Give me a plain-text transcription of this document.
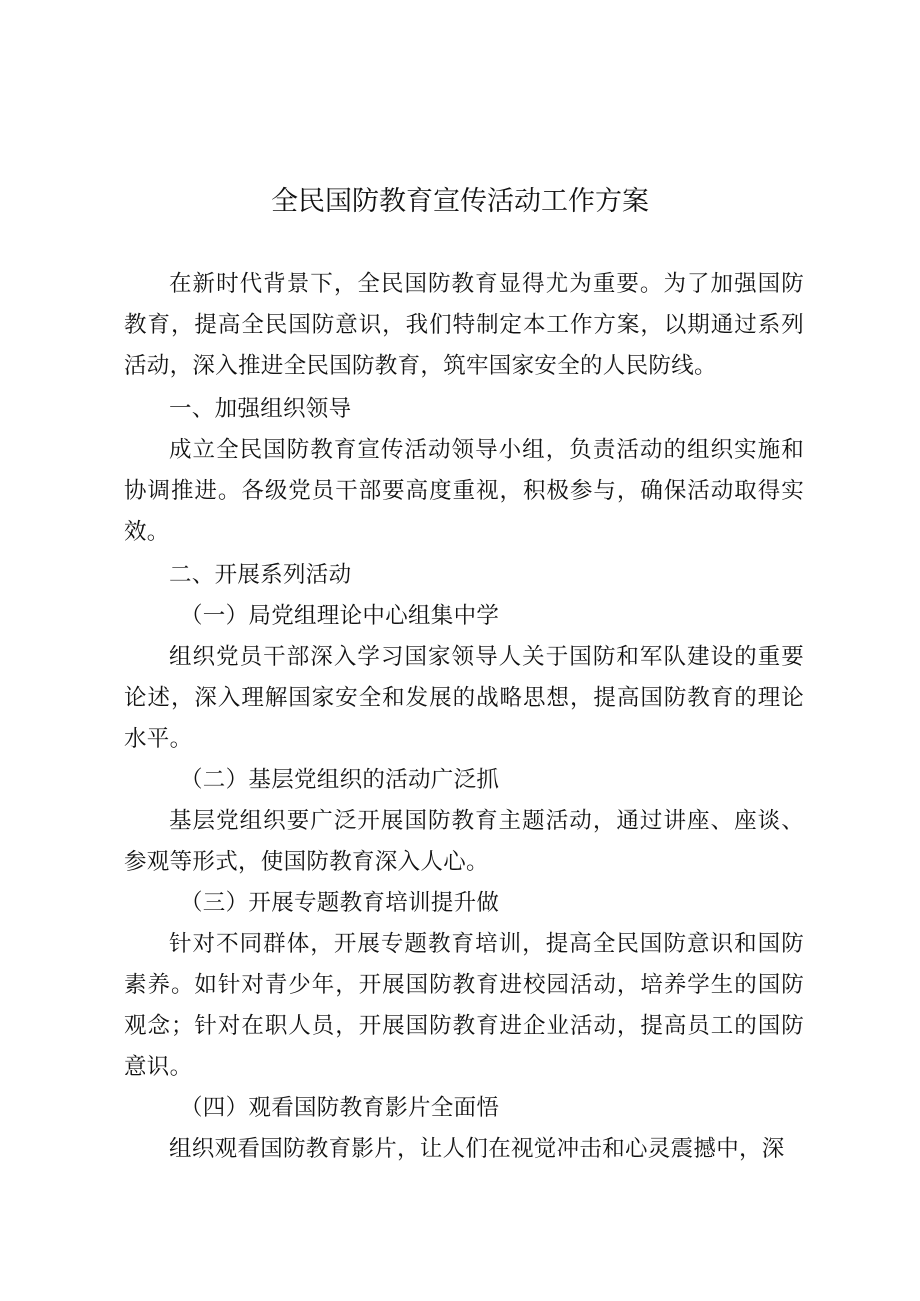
全民国防教育宣传活动工作方案

在新时代背景下，全民国防教育显得尤为重要。为了加强国防教育，提高全民国防意识，我们特制定本工作方案，以期通过系列活动，深入推进全民国防教育，筑牢国家安全的人民防线。

一、加强组织领导

成立全民国防教育宣传活动领导小组，负责活动的组织实施和协调推进。各级党员干部要高度重视，积极参与，确保活动取得实效。

二、开展系列活动

（一）局党组理论中心组集中学

组织党员干部深入学习国家领导人关于国防和军队建设的重要论述，深入理解国家安全和发展的战略思想，提高国防教育的理论水平。

（二）基层党组织的活动广泛抓

基层党组织要广泛开展国防教育主题活动，通过讲座、座谈、参观等形式，使国防教育深入人心。

（三）开展专题教育培训提升做

针对不同群体，开展专题教育培训，提高全民国防意识和国防素养。如针对青少年，开展国防教育进校园活动，培养学生的国防观念；针对在职人员，开展国防教育进企业活动，提高员工的国防意识。

（四）观看国防教育影片全面悟

组织观看国防教育影片，让人们在视觉冲击和心灵震撼中，深
